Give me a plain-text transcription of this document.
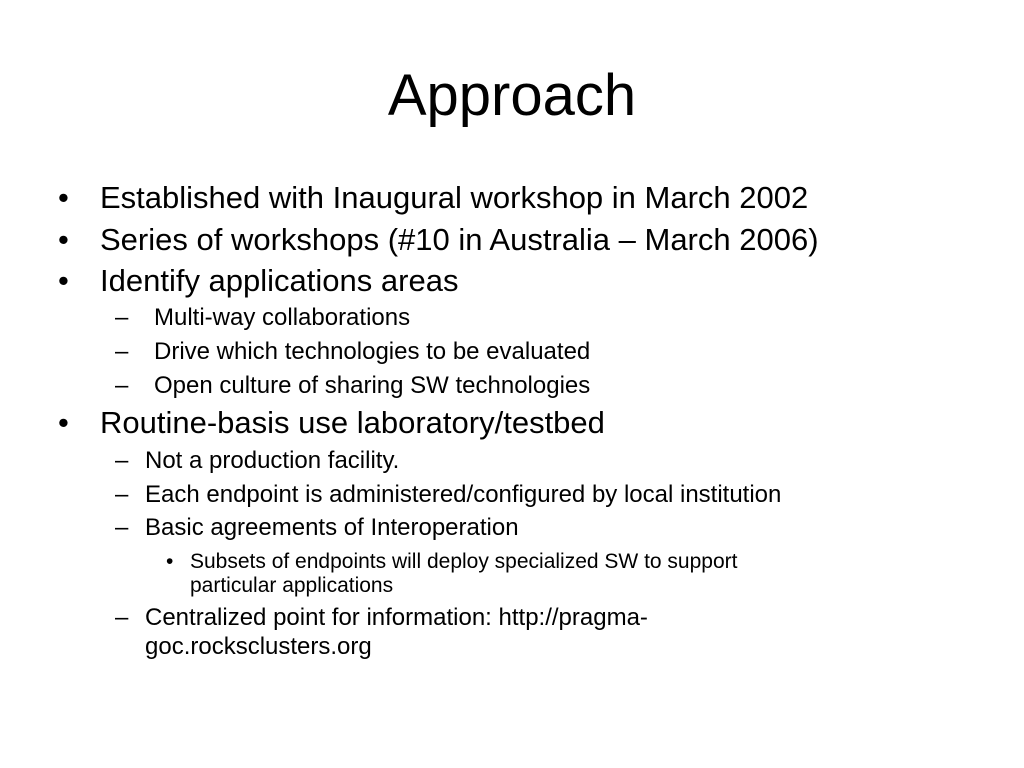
Approach
• Established with Inaugural workshop in March 2002
• Series of workshops (#10 in Australia – March 2006)
• Identify applications areas
– Multi-way collaborations
– Drive which technologies to be evaluated
– Open culture of sharing SW technologies
• Routine-basis use laboratory/testbed
– Not a production facility.
– Each endpoint is administered/configured by local institution
– Basic agreements of Interoperation
• Subsets of endpoints will deploy specialized SW to support
particular applications
– Centralized point for information: http://pragma-
goc.rocksclusters.org
